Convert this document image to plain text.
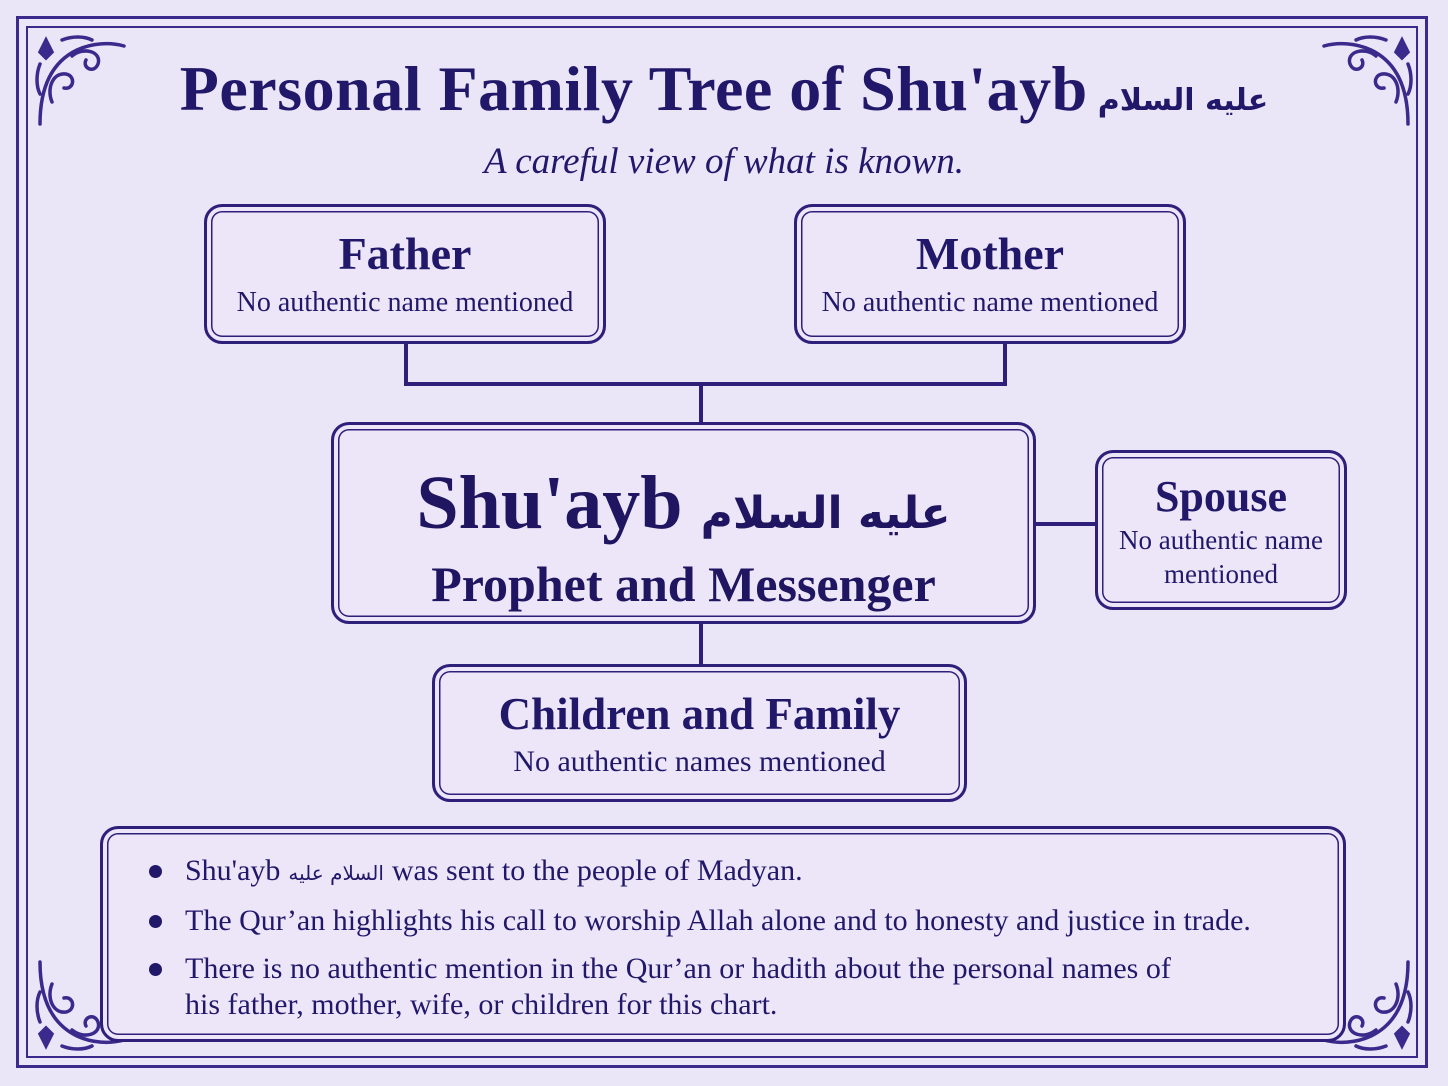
Personal Family Tree of Shu'ayb عليه السلام
A careful view of what is known.
Father
No authentic name mentioned
Mother
No authentic name mentioned
Shu'ayb عليه السلام
Prophet and Messenger
Spouse
No authentic name mentioned
Children and Family
No authentic names mentioned
Shu'ayb السلام عليه was sent to the people of Madyan.
The Qur’an highlights his call to worship Allah alone and to honesty and justice in trade.
There is no authentic mention in the Qur’an or hadith about the personal names of his father, mother, wife, or children for this chart.
